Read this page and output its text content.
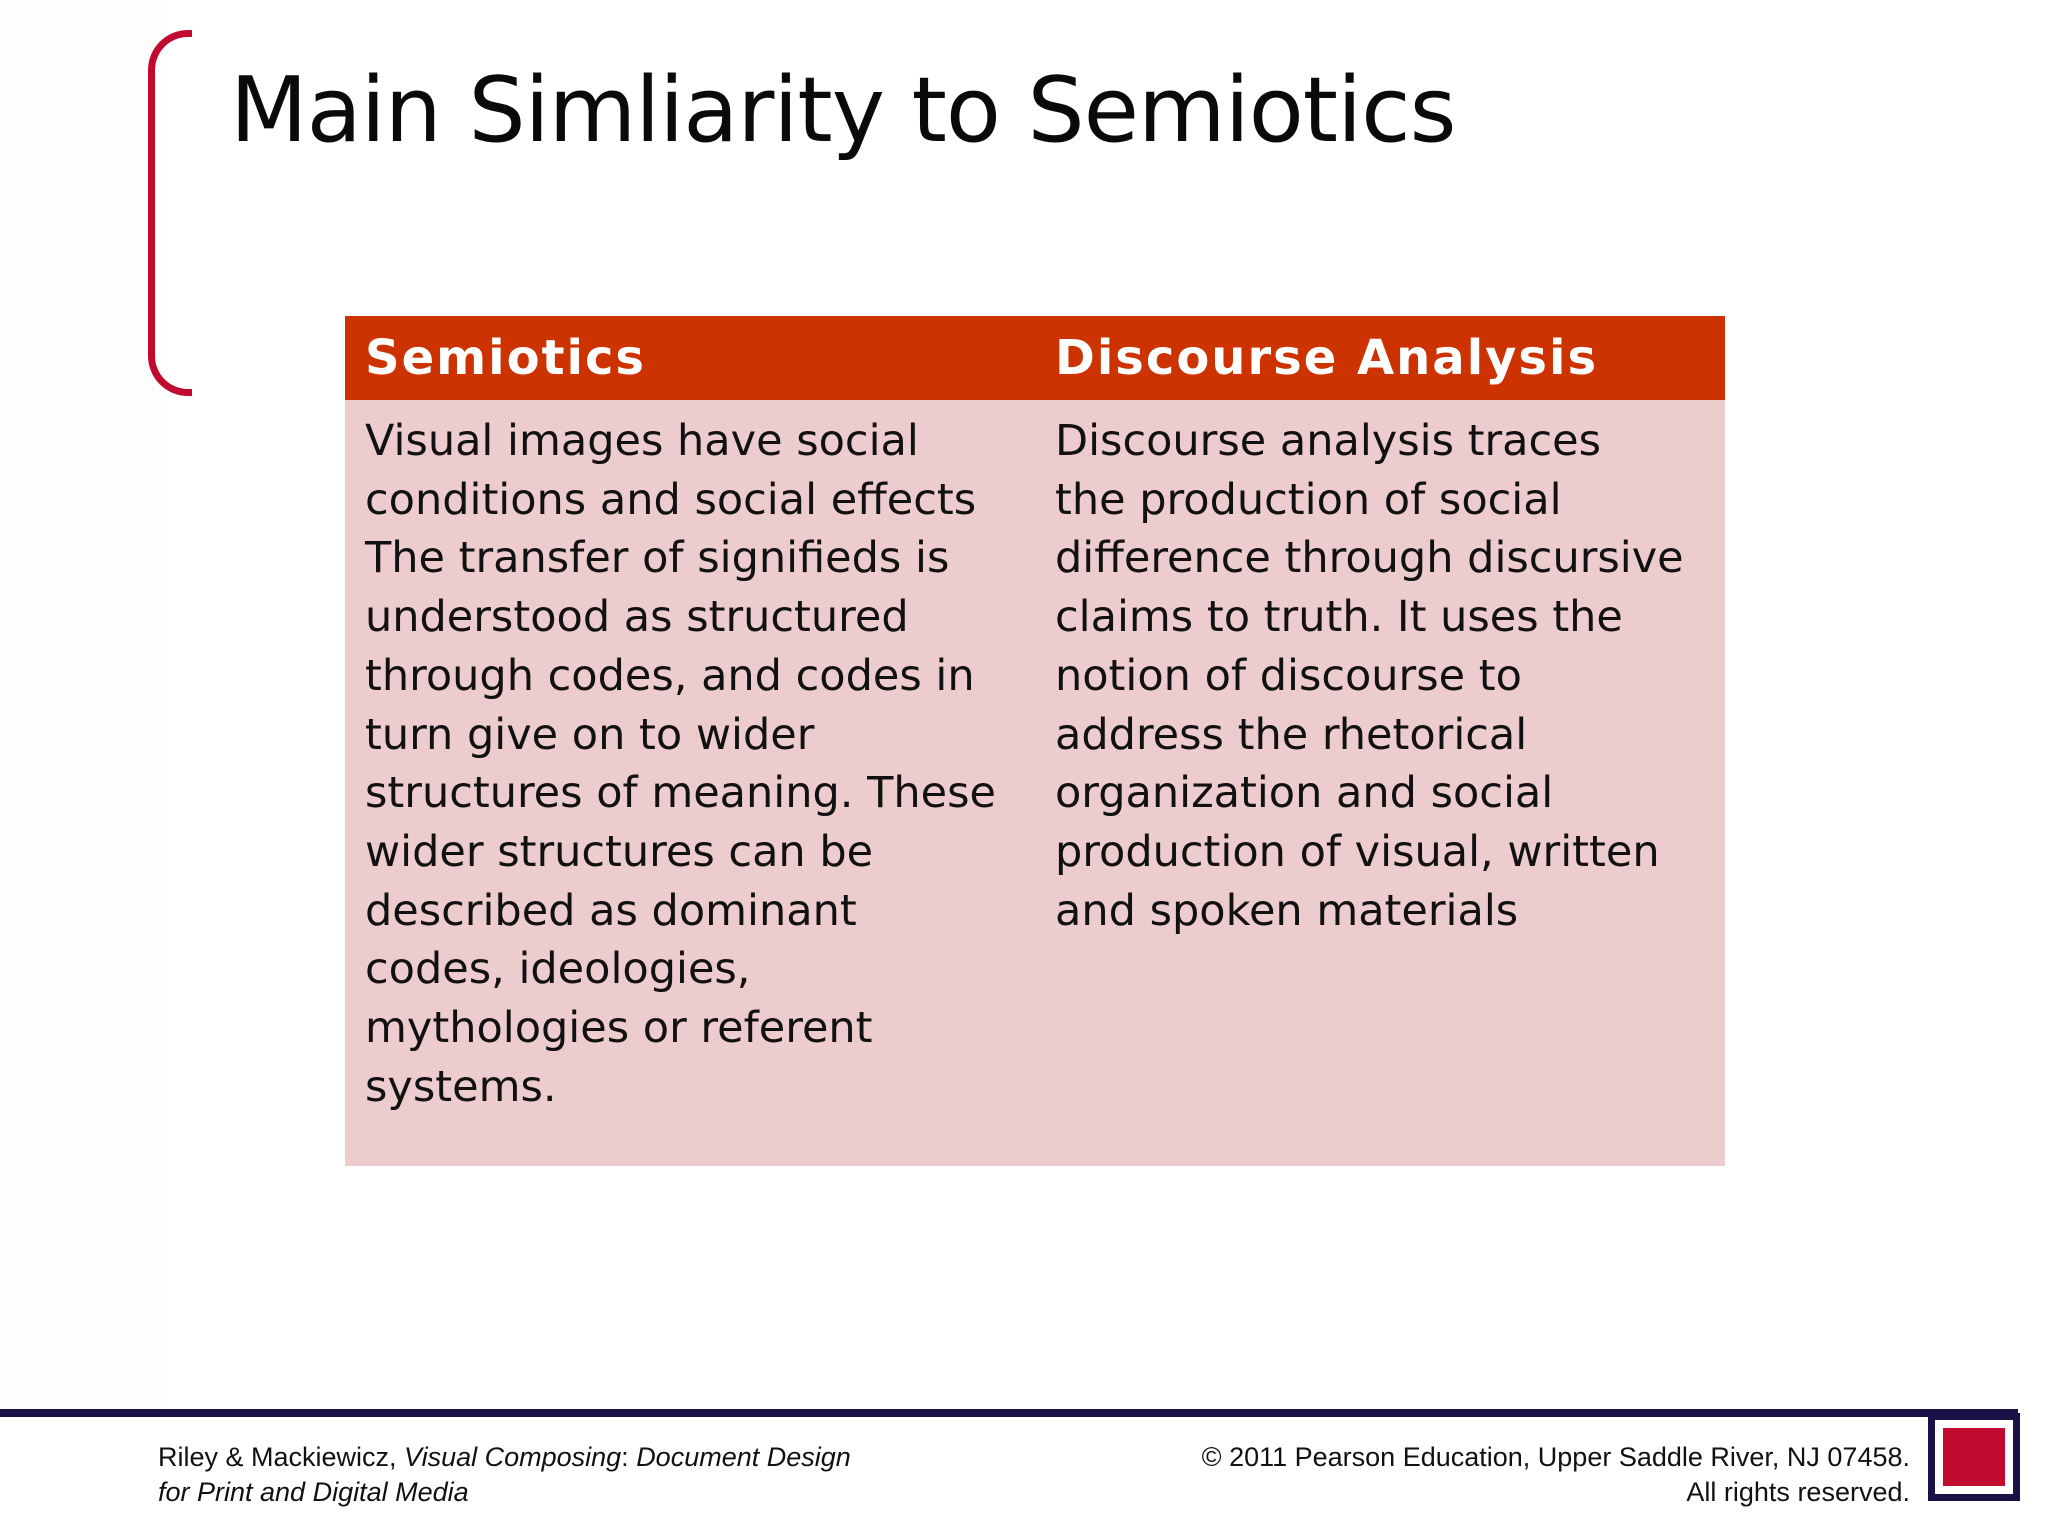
Main Simliarity to Semiotics
Semiotics	Discourse Analysis
Visual images have social
conditions and social effects
The transfer of signifieds is
understood as structured
through codes, and codes in
turn give on to wider
structures of meaning. These
wider structures can be
described as dominant
codes, ideologies,
mythologies or referent
systems.
Discourse analysis traces
the production of social
difference through discursive
claims to truth. It uses the
notion of discourse to
address the rhetorical
organization and social
production of visual, written
and spoken materials
Riley & Mackiewicz, Visual Composing: Document Design
for Print and Digital Media
© 2011 Pearson Education, Upper Saddle River, NJ 07458.
All rights reserved.
